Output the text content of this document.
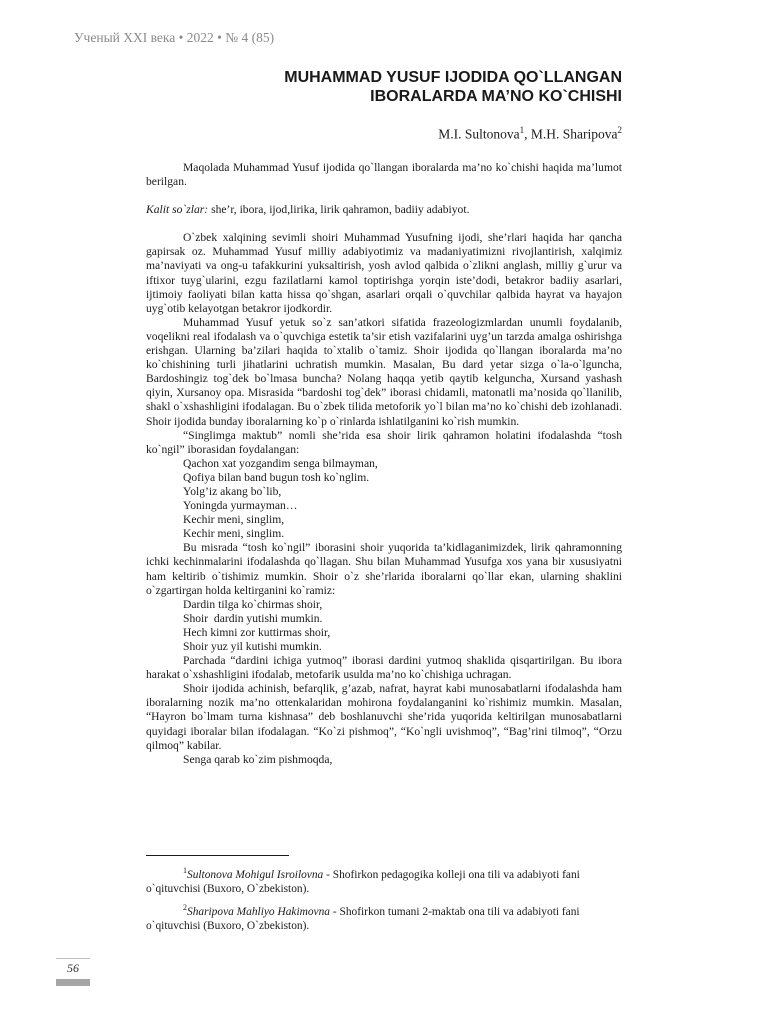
Ученый XXI века • 2022 • № 4 (85)
MUHAMMAD YUSUF IJODIDA QO`LLANGAN
IBORALARDA MA’NO KO`CHISHI
M.I. Sultonova$^1$, M.H. Sharipova$^2$

Maqolada Muhammad Yusuf ijodida qo`llangan iboralarda ma’no ko`chishi haqida ma’lumot berilgan.

Kalit so`zlar: she’r, ibora, ijod,lirika, lirik qahramon, badiiy adabiyot.

O`zbek xalqining sevimli shoiri Muhammad Yusufning ijodi, she’rlari haqida har qancha gapirsak oz. Muhammad Yusuf milliy adabiyotimiz va madaniyatimizni rivojlantirish, xalqimiz ma’naviyati va ong-u tafakkurini yuksaltirish, yosh avlod qalbida o`zlikni anglash, milliy g`urur va iftixor tuyg`ularini, ezgu fazilatlarni kamol toptirishga yorqin iste’dodi, betakror badiiy asarlari, ijtimoiy faoliyati bilan katta hissa qo`shgan, asarlari orqali o`quvchilar qalbida hayrat va hayajon uyg`otib kelayotgan betakror ijodkordir.

Muhammad Yusuf yetuk so`z san’atkori sifatida frazeologizmlardan unumli foydalanib, voqelikni real ifodalash va o`quvchiga estetik ta’sir etish vazifalarini uyg’un tarzda amalga oshirishga erishgan. Ularning ba’zilari haqida to`xtalib o`tamiz. Shoir ijodida qo`llangan iboralarda ma’no ko`chishining turli jihatlarini uchratish mumkin. Masalan, Bu dard yetar sizga o`la-o`lguncha, Bardoshingiz tog`dek bo`lmasa buncha? Nolang haqqa yetib qaytib kelguncha, Xursand yashash qiyin, Xursanoy opa. Misrasida “bardoshi tog`dek” iborasi chidamli, matonatli ma’nosida qo`llanilib, shakl o`xshashligini ifodalagan. Bu o`zbek tilida metoforik yo`l bilan ma’no ko`chishi deb izohlanadi. Shoir ijodida bunday iboralarning ko`p o`rinlarda ishlatilganini ko`rish mumkin.

“Singlimga maktub” nomli she’rida esa shoir lirik qahramon holatini ifodalashda “tosh ko`ngil” iborasidan foydalangan:

Qachon xat yozgandim senga bilmayman,
Qofiya bilan band bugun tosh ko`nglim.
Yolg’iz akang bo`lib,
Yoningda yurmayman…
Kechir meni, singlim,
Kechir meni, singlim.

Bu misrada “tosh ko`ngil” iborasini shoir yuqorida ta’kidlaganimizdek, lirik qahramonning ichki kechinmalarini ifodalashda qo`llagan. Shu bilan Muhammad Yusufga xos yana bir xususiyatni ham keltirib o`tishimiz mumkin. Shoir o`z she’rlarida iboralarni qo`llar ekan, ularning shaklini o`zgartirgan holda keltirganini ko`ramiz:

Dardin tilga ko`chirmas shoir,
Shoir  dardin yutishi mumkin.
Hech kimni zor kuttirmas shoir,
Shoir yuz yil kutishi mumkin.

Parchada “dardini ichiga yutmoq” iborasi dardini yutmoq shaklida qisqartirilgan. Bu ibora harakat o`xshashligini ifodalab, metofarik usulda ma’no ko`chishiga uchragan.

Shoir ijodida achinish, befarqlik, g’azab, nafrat, hayrat kabi munosabatlarni ifodalashda ham iboralarning nozik ma’no ottenkalaridan mohirona foydalanganini ko`rishimiz mumkin. Masalan, “Hayron bo`lmam turna kishnasa” deb boshlanuvchi she’rida yuqorida keltirilgan munosabatlarni quyidagi iboralar bilan ifodalagan. “Ko`zi pishmoq”, “Ko`ngli uvishmoq”, “Bag’rini tilmoq”, “Orzu qilmoq” kabilar.

Senga qarab ko`zim pishmoqda,

$^1$Sultonova Mohigul Isroilovna - Shofirkon pedagogika kolleji ona tili va adabiyoti fani o`qituvchisi (Buxoro, O`zbekiston).

$^2$Sharipova Mahliyo Hakimovna - Shofirkon tumani 2-maktab ona tili va adabiyoti fani o`qituvchisi (Buxoro, O`zbekiston).

56
